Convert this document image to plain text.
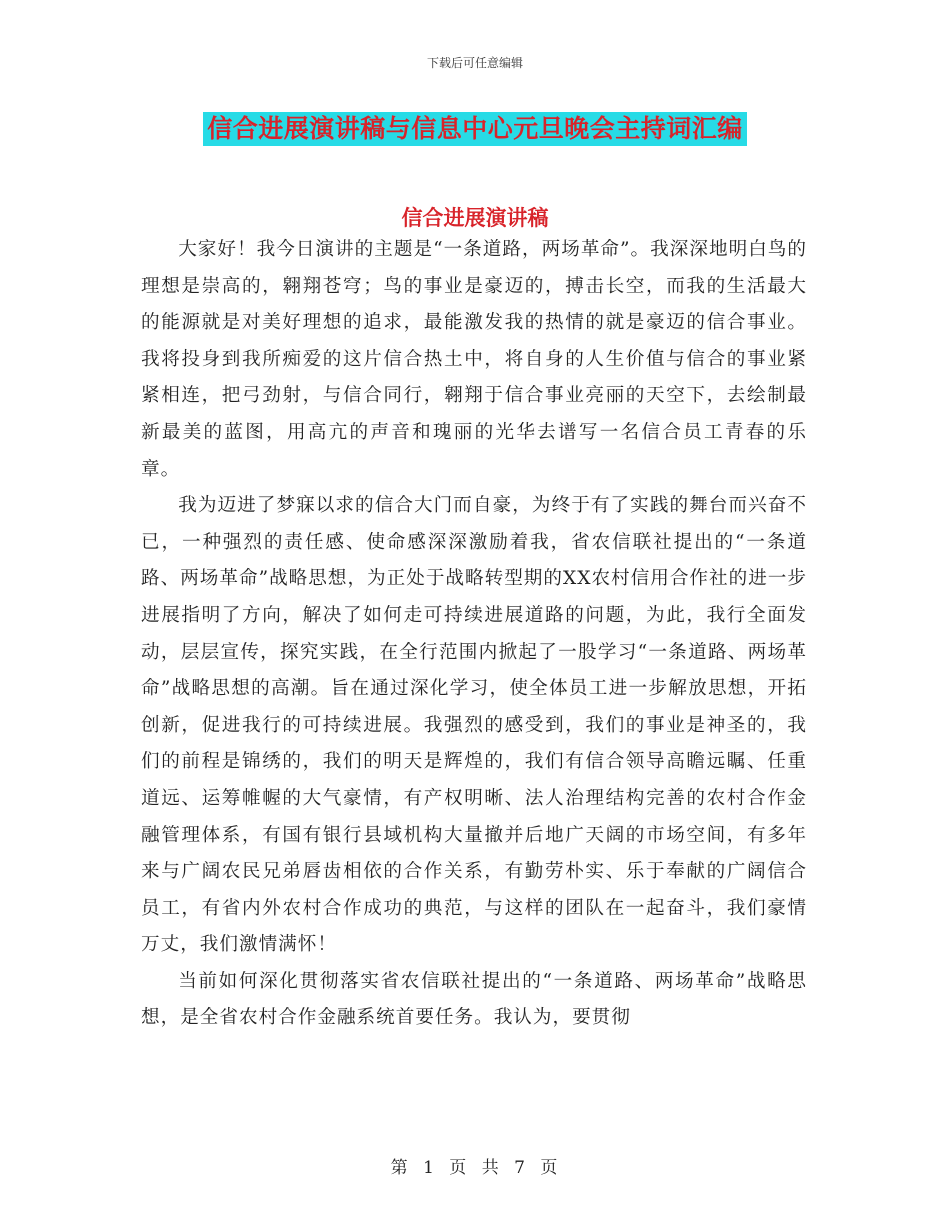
下载后可任意编辑
信合进展演讲稿与信息中心元旦晚会主持词汇编
信合进展演讲稿

大家好！我今日演讲的主题是“一条道路，两场革命”。我深深地明白鸟的理想是崇高的，翱翔苍穹；鸟的事业是豪迈的，搏击长空，而我的生活最大的能源就是对美好理想的追求，最能激发我的热情的就是豪迈的信合事业。我将投身到我所痴爱的这片信合热土中，将自身的人生价值与信合的事业紧紧相连，把弓劲射，与信合同行，翱翔于信合事业亮丽的天空下，去绘制最新最美的蓝图，用高亢的声音和瑰丽的光华去谱写一名信合员工青春的乐章。

我为迈进了梦寐以求的信合大门而自豪，为终于有了实践的舞台而兴奋不已，一种强烈的责任感、使命感深深激励着我，省农信联社提出的“一条道路、两场革命”战略思想，为正处于战略转型期的XX农村信用合作社的进一步进展指明了方向，解决了如何走可持续进展道路的问题，为此，我行全面发动，层层宣传，探究实践，在全行范围内掀起了一股学习“一条道路、两场革命”战略思想的高潮。旨在通过深化学习，使全体员工进一步解放思想，开拓创新，促进我行的可持续进展。我强烈的感受到，我们的事业是神圣的，我们的前程是锦绣的，我们的明天是辉煌的，我们有信合领导高瞻远瞩、任重道远、运筹帷幄的大气豪情，有产权明晰、法人治理结构完善的农村合作金融管理体系，有国有银行县域机构大量撤并后地广天阔的市场空间，有多年来与广阔农民兄弟唇齿相依的合作关系，有勤劳朴实、乐于奉献的广阔信合员工，有省内外农村合作成功的典范，与这样的团队在一起奋斗，我们豪情万丈，我们激情满怀！

当前如何深化贯彻落实省农信联社提出的“一条道路、两场革命”战略思想，是全省农村合作金融系统首要任务。我认为，要贯彻

第 1 页 共 7 页
